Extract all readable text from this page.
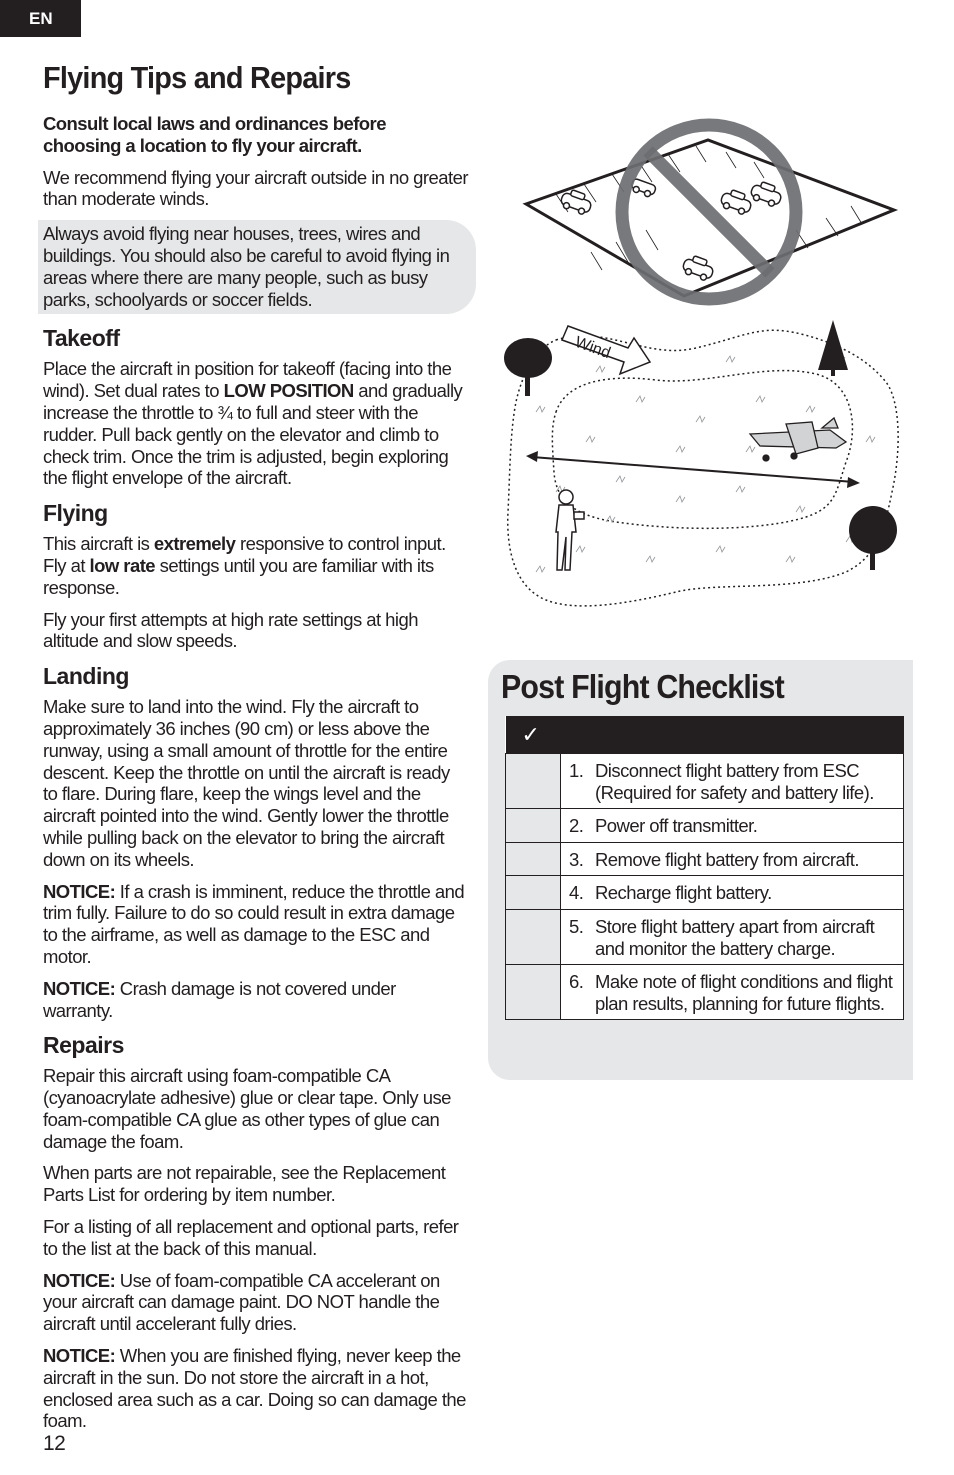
EN
Flying Tips and Repairs

Consult local laws and ordinances before choosing a location to fly your aircraft.

We recommend flying your aircraft outside in no greater than moderate winds.

Always avoid flying near houses, trees, wires and buildings. You should also be careful to avoid flying in areas where there are many people, such as busy parks, schoolyards or soccer fields.

Takeoff

Place the aircraft in position for takeoff (facing into the wind). Set dual rates to LOW POSITION and gradually increase the throttle to ¾ to full and steer with the rudder. Pull back gently on the elevator and climb to check trim. Once the trim is adjusted, begin exploring the flight envelope of the aircraft.

Flying

This aircraft is extremely responsive to control input. Fly at low rate settings until you are familiar with its response.

Fly your first attempts at high rate settings at high altitude and slow speeds.

Landing

Make sure to land into the wind. Fly the aircraft to approximately 36 inches (90 cm) or less above the runway, using a small amount of throttle for the entire descent. Keep the throttle on until the aircraft is ready to flare. During flare, keep the wings level and the aircraft pointed into the wind. Gently lower the throttle while pulling back on the elevator to bring the aircraft down on its wheels.

NOTICE: If a crash is imminent, reduce the throttle and trim fully. Failure to do so could result in extra damage to the airframe, as well as damage to the ESC and motor.

NOTICE: Crash damage is not covered under warranty.

Repairs

Repair this aircraft using foam-compatible CA (cyanoacrylate adhesive) glue or clear tape. Only use foam-compatible CA glue as other types of glue can damage the foam.

When parts are not repairable, see the Replacement Parts List for ordering by item number.

For a listing of all replacement and optional parts, refer to the list at the back of this manual.

NOTICE: Use of foam-compatible CA accelerant on your aircraft can damage paint. DO NOT handle the aircraft until accelerant fully dries.

NOTICE: When you are finished flying, never keep the aircraft in the sun. Do not store the aircraft in a hot, enclosed area such as a car. Doing so can damage the foam.

12
Wind
Post Flight Checklist
✓	

	1. Disconnect flight battery from ESC (Required for safety and battery life).

	2. Power off transmitter.

	3. Remove flight battery from aircraft.

	4. Recharge flight battery.

	5. Store flight battery apart from aircraft and monitor the battery charge.

	6. Make note of flight conditions and flight plan results, planning for future flights.
